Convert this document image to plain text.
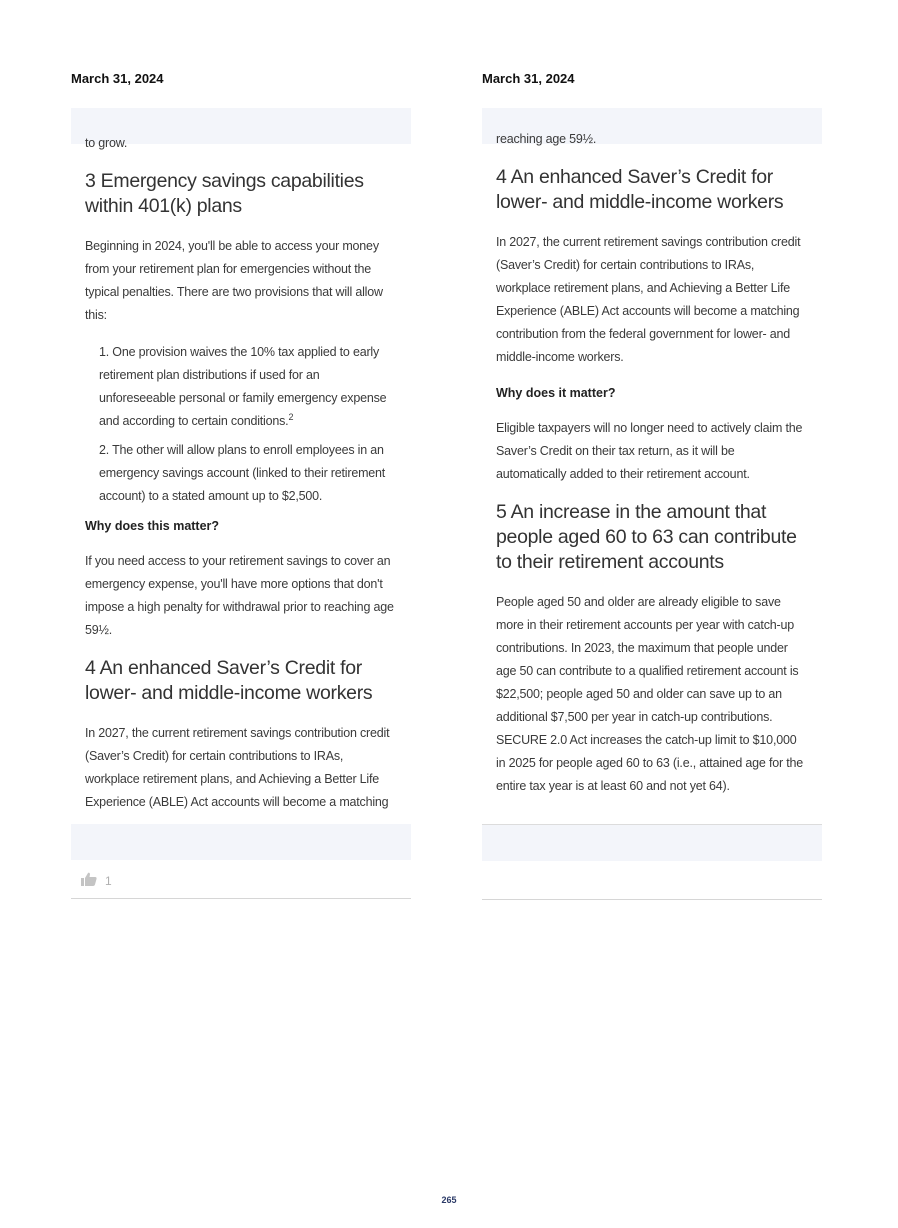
March 31, 2024

to grow.

3 Emergency savings capabilities within 401(k) plans

Beginning in 2024, you'll be able to access your money from your retirement plan for emergencies without the typical penalties. There are two provisions that will allow this:

1. One provision waives the 10% tax applied to early retirement plan distributions if used for an unforeseeable personal or family emergency expense and according to certain conditions.$^2$
2. The other will allow plans to enroll employees in an emergency savings account (linked to their retirement account) to a stated amount up to $2,500.
Why does this matter?

If you need access to your retirement savings to cover an emergency expense, you'll have more options that don't impose a high penalty for withdrawal prior to reaching age 59½.

4 An enhanced Saver’s Credit for lower- and middle-income workers

In 2027, the current retirement savings contribution credit (Saver’s Credit) for certain contributions to IRAs, workplace retirement plans, and Achieving a Better Life Experience (ABLE) Act accounts will become a matching

1
March 31, 2024

reaching age 59½.

4 An enhanced Saver’s Credit for lower- and middle-income workers

In 2027, the current retirement savings contribution credit (Saver’s Credit) for certain contributions to IRAs, workplace retirement plans, and Achieving a Better Life Experience (ABLE) Act accounts will become a matching contribution from the federal government for lower- and middle-income workers.

Why does it matter?

Eligible taxpayers will no longer need to actively claim the Saver’s Credit on their tax return, as it will be automatically added to their retirement account.

5 An increase in the amount that people aged 60 to 63 can contribute to their retirement accounts

People aged 50 and older are already eligible to save more in their retirement accounts per year with catch-up contributions. In 2023, the maximum that people under age 50 can contribute to a qualified retirement account is $22,500; people aged 50 and older can save up to an additional $7,500 per year in catch-up contributions. SECURE 2.0 Act increases the catch-up limit to $10,000 in 2025 for people aged 60 to 63 (i.e., attained age for the entire tax year is at least 60 and not yet 64).

265
